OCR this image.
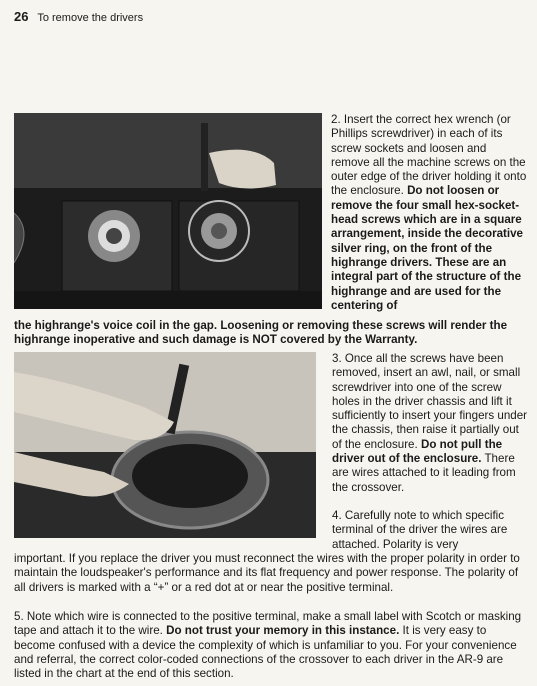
26 To remove the drivers
2. Insert the correct hex wrench (or Phillips screwdriver) in each of its screw sockets and loosen and remove all the machine screws on the outer edge of the driver holding it onto the enclosure. Do not loosen or remove the four small hex-socket-head screws which are in a square arrangement, inside the decorative silver ring, on the front of the highrange drivers. These are an integral part of the structure of the highrange and are used for the centering of
the highrange's voice coil in the gap. Loosening or removing these screws will render the highrange inoperative and such damage is NOT covered by the Warranty.
3. Once all the screws have been removed, insert an awl, nail, or small screwdriver into one of the screw holes in the driver chassis and lift it sufficiently to insert your fingers under the chassis, then raise it partially out of the enclosure. Do not pull the driver out of the enclosure. There are wires attached to it leading from the crossover.
4. Carefully note to which specific terminal of the driver the wires are attached. Polarity is very
important. If you replace the driver you must reconnect the wires with the proper polarity in order to maintain the loudspeaker's performance and its flat frequency and power response. The polarity of all drivers is marked with a “+” or a red dot at or near the positive terminal.
5. Note which wire is connected to the positive terminal, make a small label with Scotch or masking tape and attach it to the wire. Do not trust your memory in this instance. It is very easy to become confused with a device the complexity of which is unfamiliar to you. For your convenience and referral, the correct color-coded connections of the crossover to each driver in the AR-9 are listed in the chart at the end of this section.
